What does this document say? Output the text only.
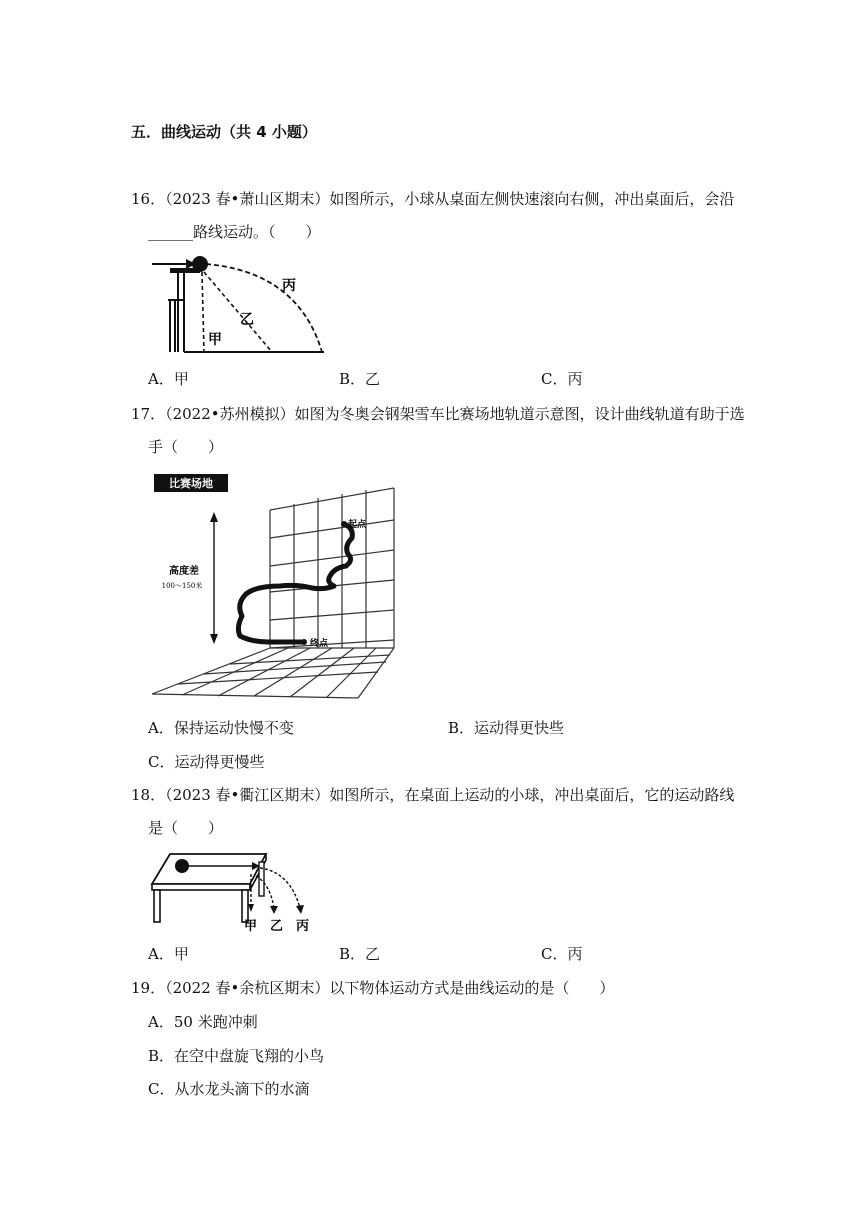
五．曲线运动（共 4 小题）
16．（2023 春•萧山区期末）如图所示，小球从桌面左侧快速滚向右侧，冲出桌面后，会沿
______路线运动。（　　）
甲
乙
丙
A．甲	B．乙	C．丙
17．（2022•苏州模拟）如图为冬奥会钢架雪车比赛场地轨道示意图，设计曲线轨道有助于选
手（　　）
比赛场地
高度差
100～150米
起点
终点
A．保持运动快慢不变	B．运动得更快些
C．运动得更慢些
18．（2023 春•衢江区期末）如图所示，在桌面上运动的小球，冲出桌面后，它的运动路线
是（　　）
甲 乙 丙
A．甲	B．乙	C．丙
19．（2022 春•余杭区期末）以下物体运动方式是曲线运动的是（　　）
A．50 米跑冲刺
B．在空中盘旋飞翔的小鸟
C．从水龙头滴下的水滴
